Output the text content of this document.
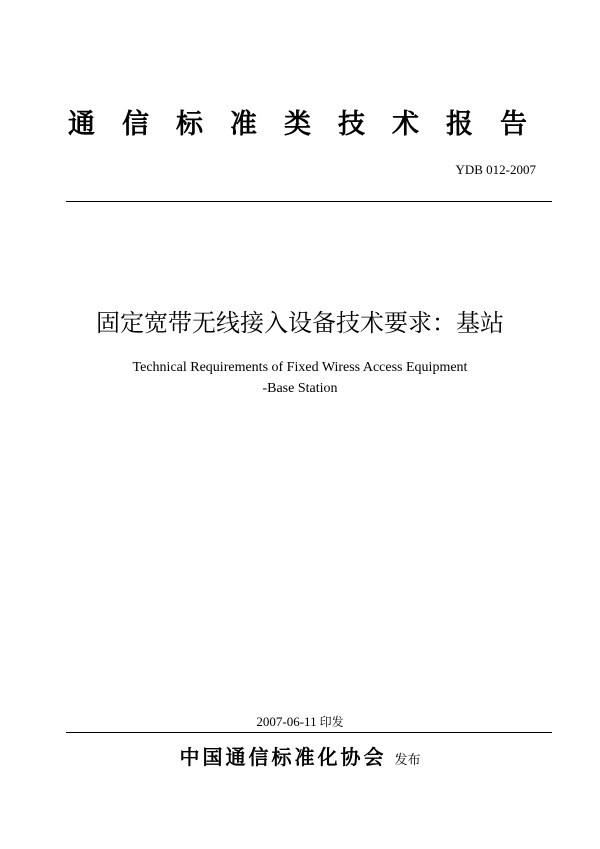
通信标准类技术报告
YDB 012-2007
固定宽带无线接入设备技术要求：基站
Technical Requirements of Fixed Wiress Access Equipment
-Base Station
2007-06-11 印发
中国通信标准化协会 发布
